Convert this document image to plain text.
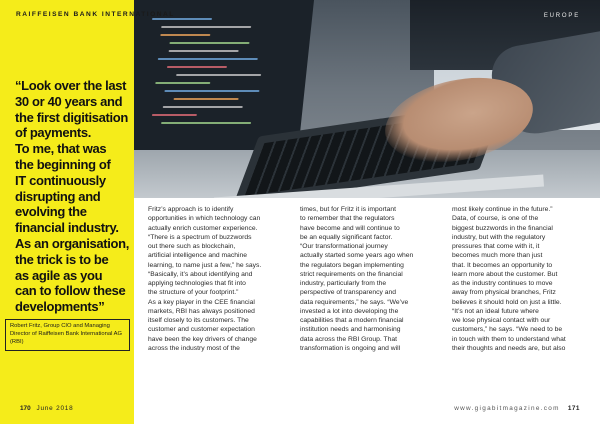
RAIFFEISEN BANK INTERNATIONAL	EUROPE

“Look over the last
30 or 40 years and
the first digitisation
of payments.
To me, that was
the beginning of
IT continuously
disrupting and
evolving the
financial industry.
As an organisation,
the trick is to be
as agile as you
can to follow these
developments”

Robert Fritz, Group CIO and Managing Director of Raiffeisen Bank International AG (RBI)

Fritz’s approach is to identify
opportunities in which technology can
actually enrich customer experience.
“There is a spectrum of buzzwords
out there such as blockchain,
artificial intelligence and machine
learning, to name just a few,” he says.
“Basically, it’s about identifying and
applying technologies that fit into
the structure of your footprint.”
As a key player in the CEE financial
markets, RBI has always positioned
itself closely to its customers. The
customer and customer expectation
have been the key drivers of change
across the industry most of the

times, but for Fritz it is important
to remember that the regulators
have become and will continue to
be an equally significant factor.
“Our transformational journey
actually started some years ago when
the regulators began implementing
strict requirements on the financial
industry, particularly from the
perspective of transparency and
data requirements,” he says. “We’ve
invested a lot into developing the
capabilities that a modern financial
institution needs and harmonising
data across the RBI Group. That
transformation is ongoing and will

most likely continue in the future.”
Data, of course, is one of the
biggest buzzwords in the financial
industry, but with the regulatory
pressures that come with it, it
becomes much more than just
that. It becomes an opportunity to
learn more about the customer. But
as the industry continues to move
away from physical branches, Fritz
believes it should hold on just a little.
“It’s not an ideal future where
we lose physical contact with our
customers,” he says. “We need to be
in touch with them to understand what
their thoughts and needs are, but also

170 June 2018	www.gigabitmagazine.com 171
